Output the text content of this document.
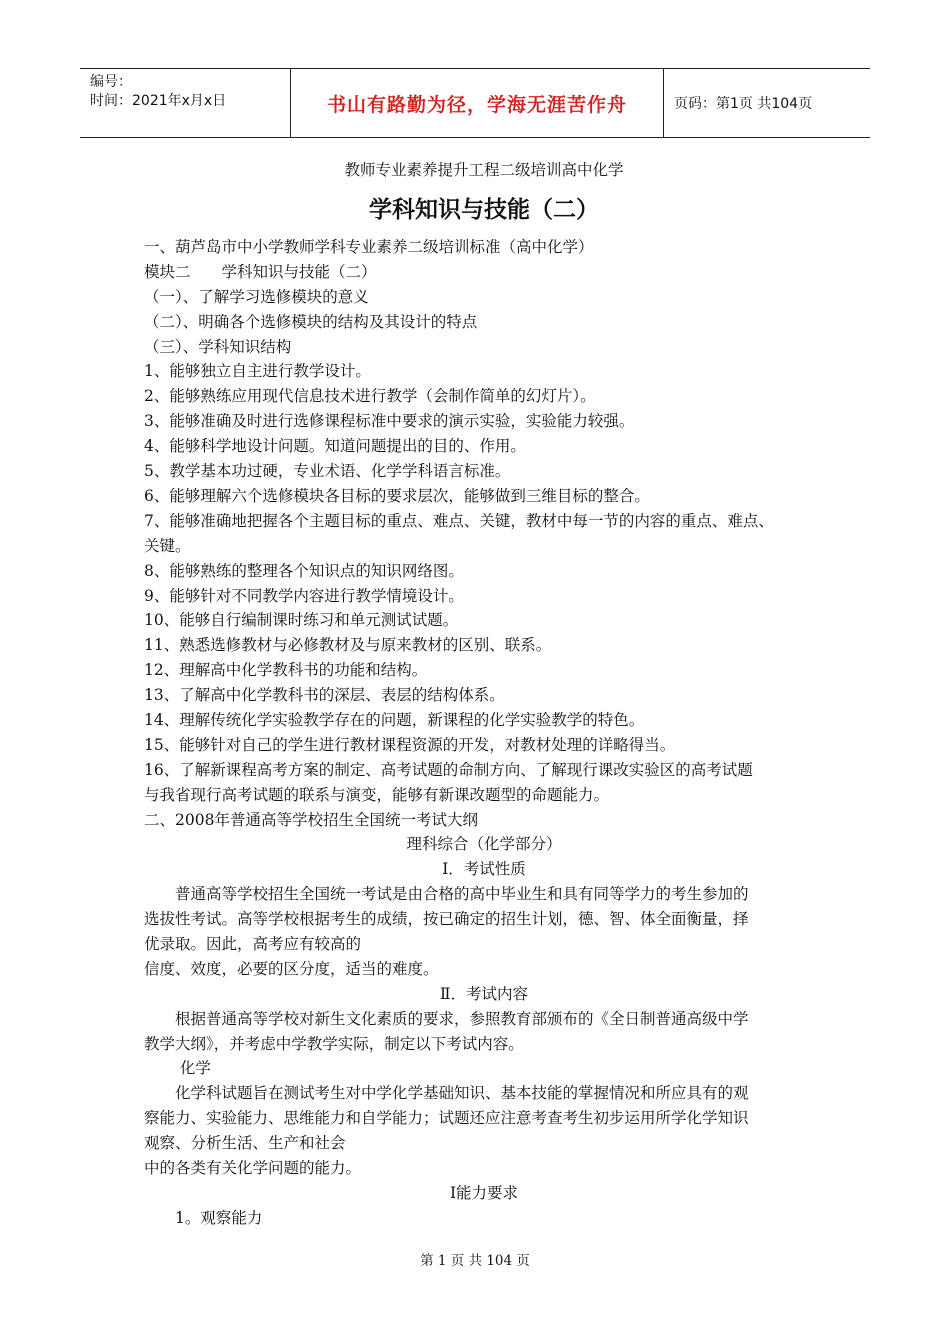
编号：
时间：2021年x月x日	书山有路勤为径，学海无涯苦作舟	页码：第1页 共104页
教师专业素养提升工程二级培训高中化学
学科知识与技能（二）
一、葫芦岛市中小学教师学科专业素养二级培训标准（高中化学）
模块二　　学科知识与技能（二）
（一）、了解学习选修模块的意义
（二）、明确各个选修模块的结构及其设计的特点
（三）、学科知识结构
1、能够独立自主进行教学设计。
2、能够熟练应用现代信息技术进行教学（会制作简单的幻灯片）。
3、能够准确及时进行选修课程标准中要求的演示实验，实验能力较强。
4、能够科学地设计问题。知道问题提出的目的、作用。
5、教学基本功过硬，专业术语、化学学科语言标准。
6、能够理解六个选修模块各目标的要求层次，能够做到三维目标的整合。
7、能够准确地把握各个主题目标的重点、难点、关键，教材中每一节的内容的重点、难点、
关键。
8、能够熟练的整理各个知识点的知识网络图。
9、能够针对不同教学内容进行教学情境设计。
10、能够自行编制课时练习和单元测试试题。
11、熟悉选修教材与必修教材及与原来教材的区别、联系。
12、理解高中化学教科书的功能和结构。
13、了解高中化学教科书的深层、表层的结构体系。
14、理解传统化学实验教学存在的问题，新课程的化学实验教学的特色。
15、能够针对自己的学生进行教材课程资源的开发，对教材处理的详略得当。
16、了解新课程高考方案的制定、高考试题的命制方向、了解现行课改实验区的高考试题
与我省现行高考试题的联系与演变，能够有新课改题型的命题能力。
二、2008年普通高等学校招生全国统一考试大纲
理科综合（化学部分）
Ⅰ．考试性质
　　普通高等学校招生全国统一考试是由合格的高中毕业生和具有同等学力的考生参加的
选拔性考试。高等学校根据考生的成绩，按已确定的招生计划，德、智、体全面衡量，择
优录取。因此，高考应有较高的
信度、效度，必要的区分度，适当的难度。
Ⅱ．考试内容
　　根据普通高等学校对新生文化素质的要求，参照教育部颁布的《全日制普通高级中学
教学大纲》，并考虑中学教学实际，制定以下考试内容。
　　 化学
　　化学科试题旨在测试考生对中学化学基础知识、基本技能的掌握情况和所应具有的观
察能力、实验能力、思维能力和自学能力；试题还应注意考查考生初步运用所学化学知识
观察、分析生活、生产和社会
中的各类有关化学问题的能力。
Ⅰ能力要求
　　1。观察能力
第 1 页 共 104 页
